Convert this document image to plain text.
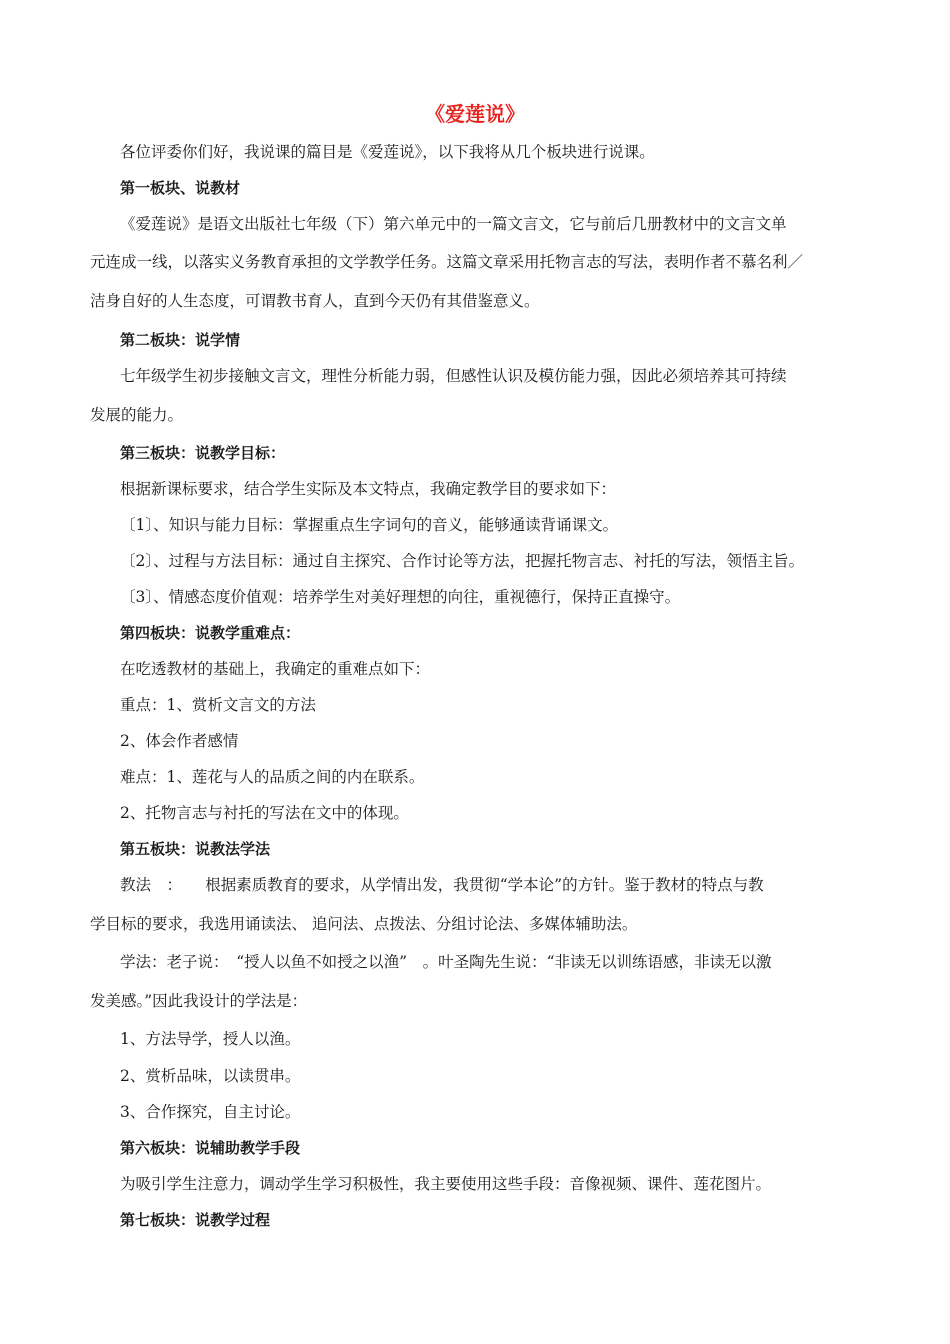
《爱莲说》
各位评委你们好，我说课的篇目是《爱莲说》，以下我将从几个板块进行说课。
第一板块、说教材
《爱莲说》是语文出版社七年级（下）第六单元中的一篇文言文，它与前后几册教材中的文言文单
元连成一线，以落实义务教育承担的文学教学任务。这篇文章采用托物言志的写法，表明作者不慕名利／
洁身自好的人生态度，可谓教书育人，直到今天仍有其借鉴意义。
第二板块：说学情
七年级学生初步接触文言文，理性分析能力弱，但感性认识及模仿能力强，因此必须培养其可持续
发展的能力。
第三板块：说教学目标：
根据新课标要求，结合学生实际及本文特点，我确定教学目的要求如下：
〔1〕、知识与能力目标：掌握重点生字词句的音义，能够通读背诵课文。
〔2〕、过程与方法目标：通过自主探究、合作讨论等方法，把握托物言志、衬托的写法，领悟主旨。
〔3〕、情感态度价值观：培养学生对美好理想的向往，重视德行，保持正直操守。
第四板块：说教学重难点：
在吃透教材的基础上，我确定的重难点如下：
重点：1、赏析文言文的方法
2、体会作者感情
难点：1、莲花与人的品质之间的内在联系。
2、托物言志与衬托的写法在文中的体现。
第五板块：说教法学法
教法　：　　根据素质教育的要求，从学情出发，我贯彻“学本论”的方针。鉴于教材的特点与教
学目标的要求，我选用诵读法、 追问法、点拨法、分组讨论法、多媒体辅助法。
学法：老子说：　“授人以鱼不如授之以渔”　。叶圣陶先生说：“非读无以训练语感，非读无以激
发美感。”因此我设计的学法是：
1、方法导学，授人以渔。
2、赏析品味，以读贯串。
3、合作探究，自主讨论。
第六板块：说辅助教学手段
为吸引学生注意力，调动学生学习积极性，我主要使用这些手段：音像视频、课件、莲花图片。
第七板块：说教学过程
